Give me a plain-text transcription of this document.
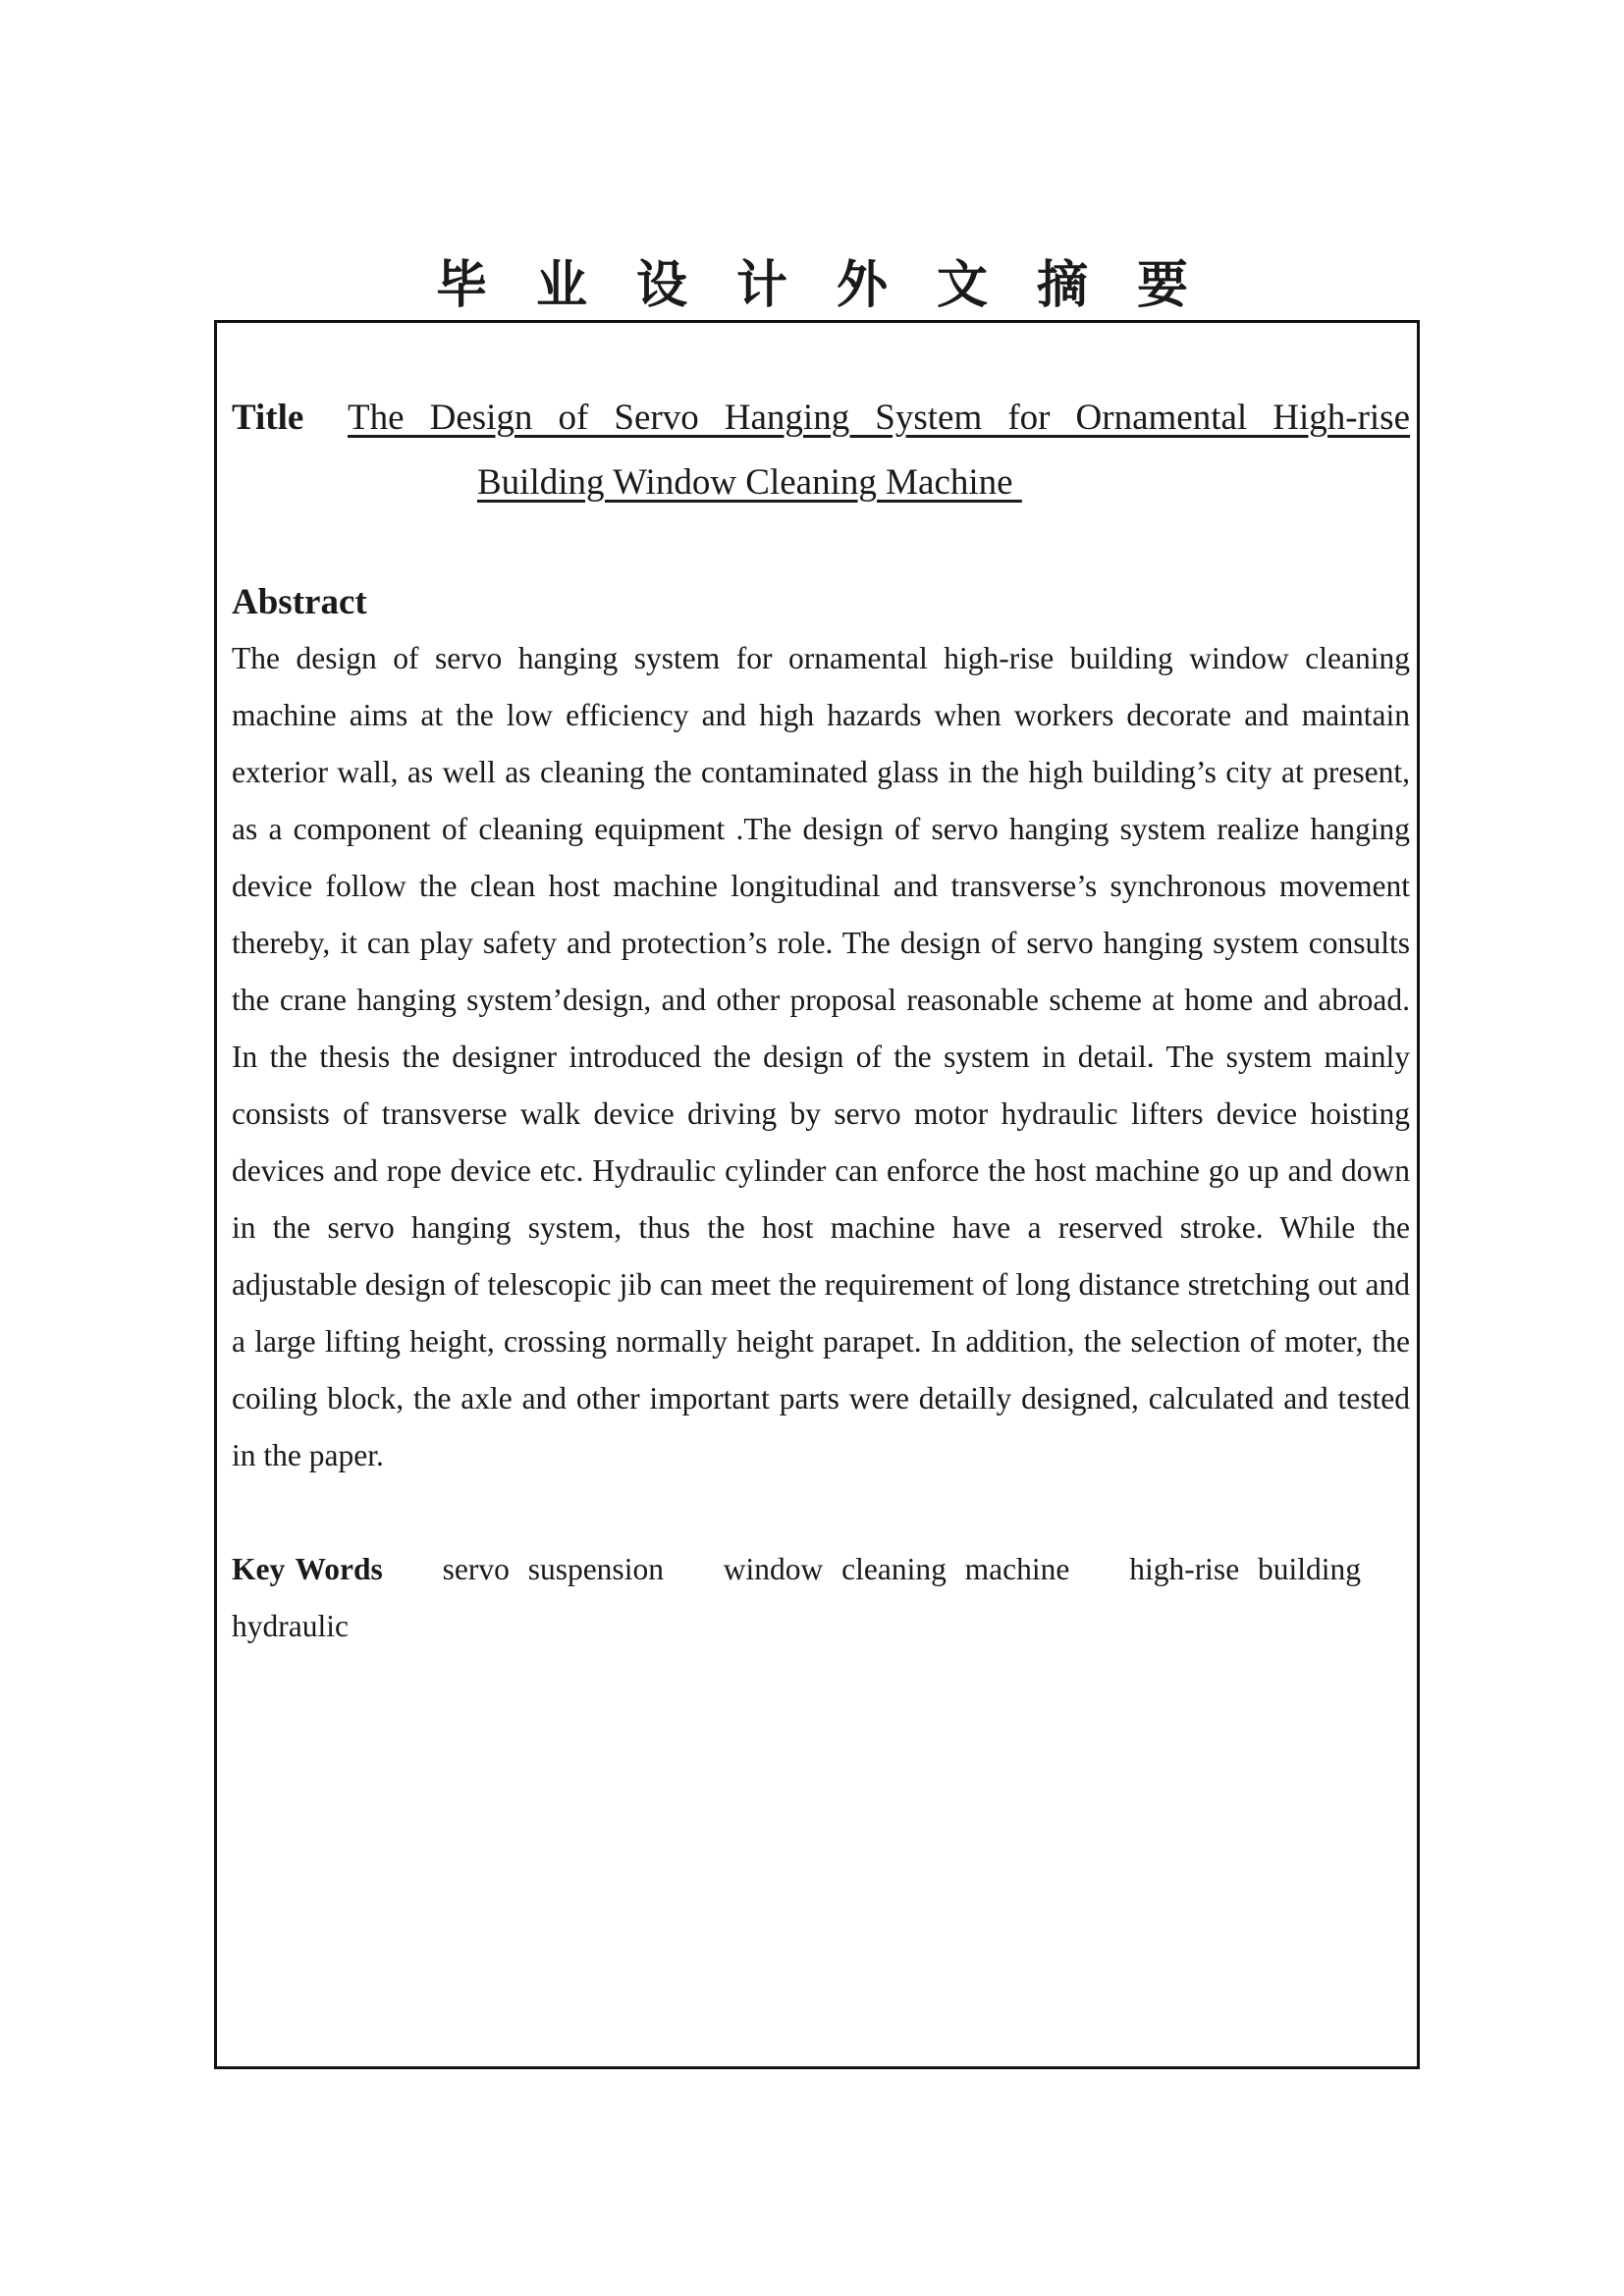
毕业设计外文摘要
Title The Design of Servo Hanging System for Ornamental High-rise
Building Window Cleaning Machine
Abstract
The design of servo hanging system for ornamental high-rise building window cleaning machine aims at the low efficiency and high hazards when workers decorate and maintain exterior wall, as well as cleaning the contaminated glass in the high building’s city at present, as a component of cleaning equipment .The design of servo hanging system realize hanging device follow the clean host machine longitudinal and transverse’s synchronous movement thereby, it can play safety and protection’s role. The design of servo hanging system consults the crane hanging system’design, and other proposal reasonable scheme at home and abroad. In the thesis the designer introduced the design of the system in detail. The system mainly consists of transverse walk device driving by servo motor hydraulic lifters device hoisting devices and rope device etc. Hydraulic cylinder can enforce the host machine go up and down in the servo hanging system, thus the host machine have a reserved stroke. While the adjustable design of telescopic jib can meet the requirement of long distance stretching out and a large lifting height, crossing normally height parapet. In addition, the selection of moter, the coiling block, the axle and other important parts were detailly designed, calculated and tested in the paper.
Key Words servo suspension window cleaning machine high-rise building hydraulic
